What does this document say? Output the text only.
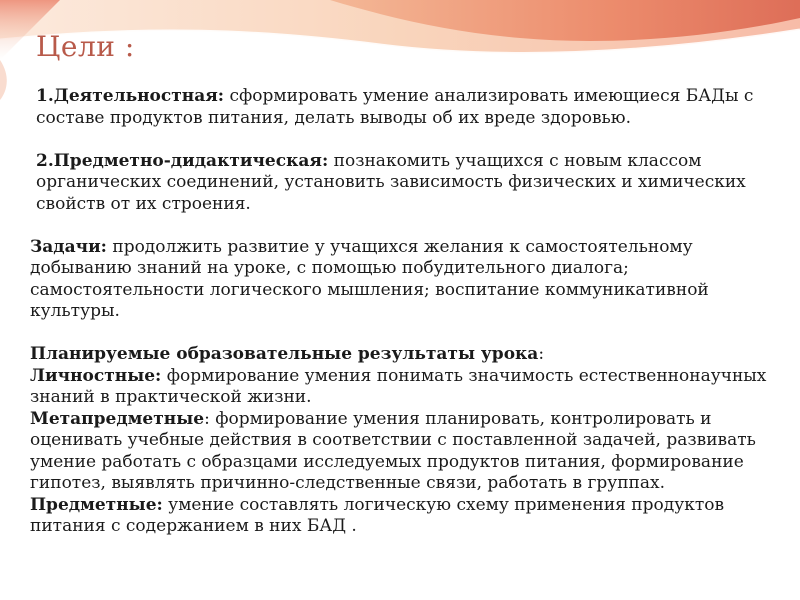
Цели :

1.Деятельностная: сформировать умение анализировать имеющиеся БАДы с составе продуктов питания, делать выводы об их вреде здоровью.

2.Предметно-дидактическая: познакомить учащихся с новым классом органических соединений, установить зависимость физических и химических свойств от их строения.

Задачи: продолжить развитие у учащихся желания к самостоятельному добыванию знаний на уроке, с помощью побудительного диалога; самостоятельности логического мышления; воспитание коммуникативной культуры.

Планируемые образовательные результаты урока:

Личностные: формирование умения понимать значимость естественнонаучных знаний в практической жизни.

Метапредметные: формирование умения планировать, контролировать и оценивать учебные действия в соответствии с поставленной задачей, развивать умение работать с образцами исследуемых продуктов питания, формирование гипотез, выявлять причинно-следственные связи, работать в группах.

Предметные: умение составлять логическую схему применения продуктов питания с содержанием в них БАД .
